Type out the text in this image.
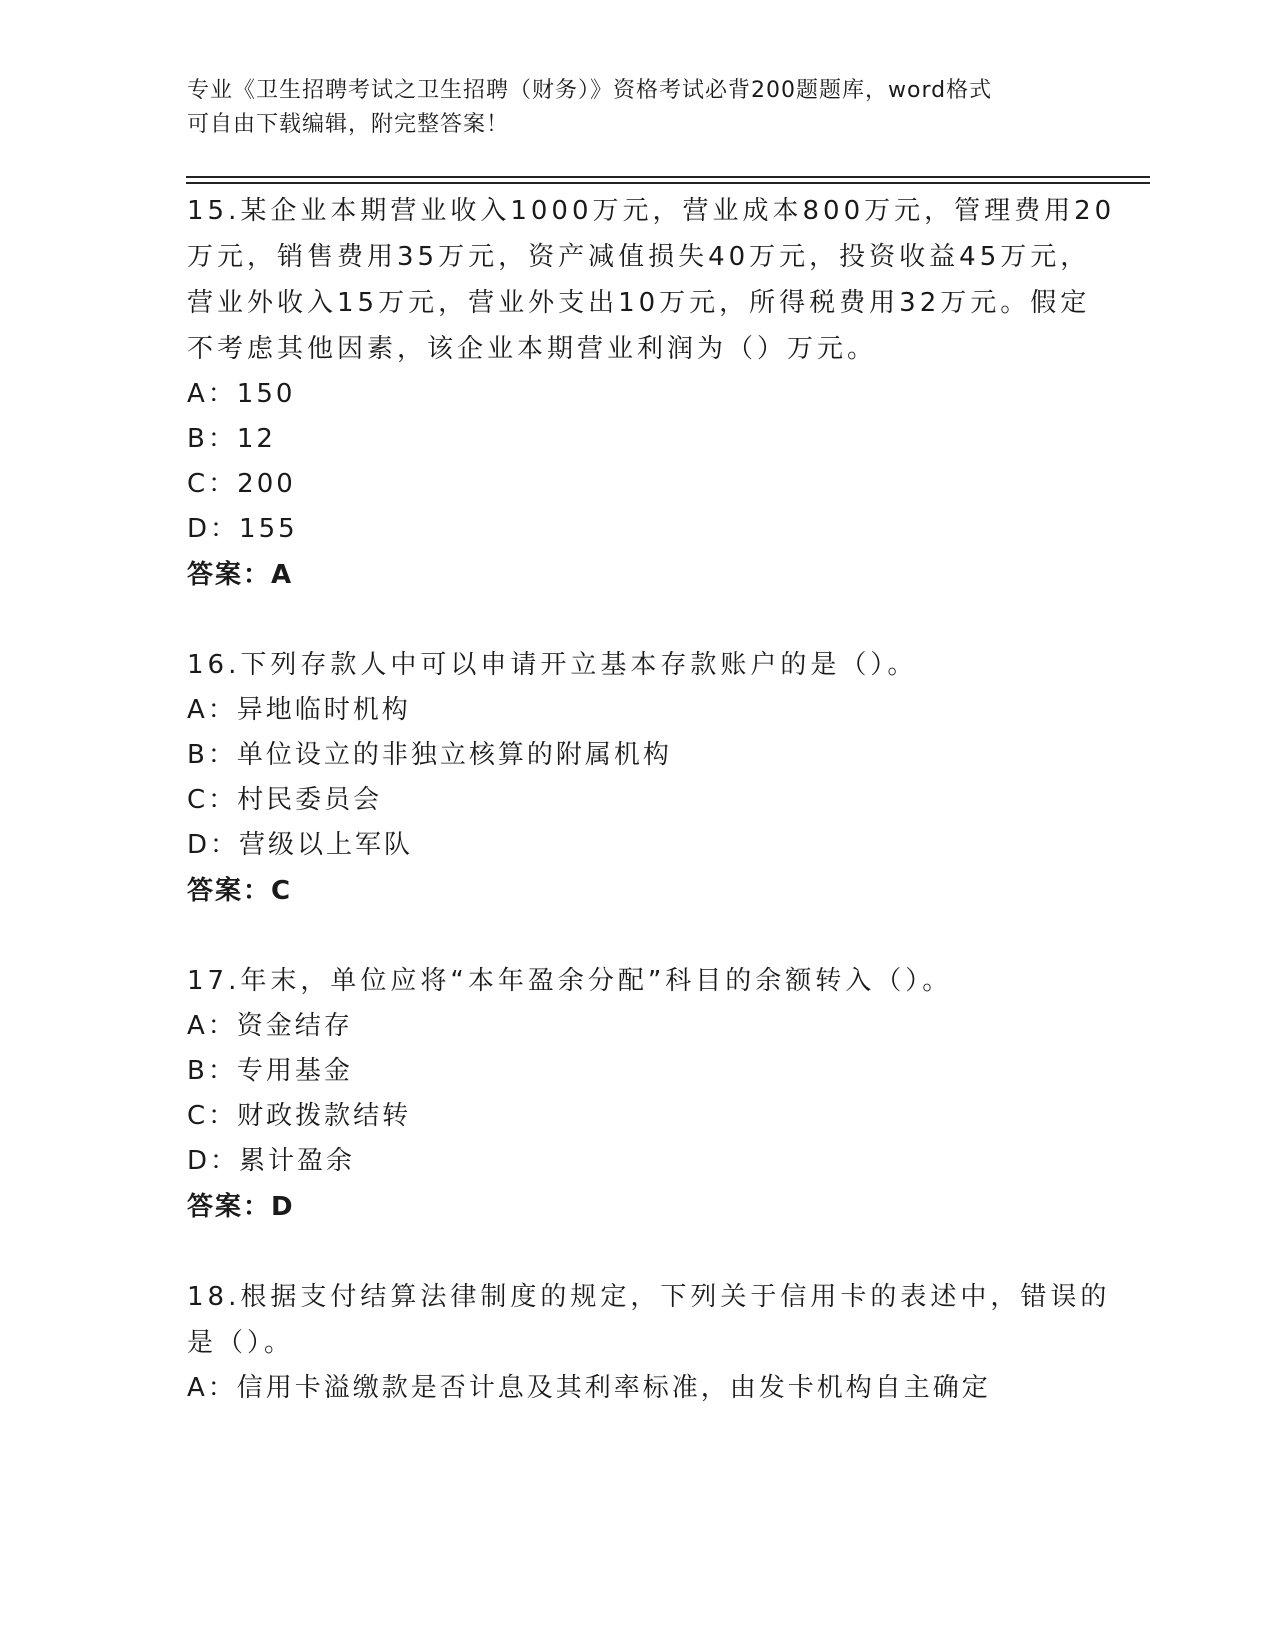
专业《卫生招聘考试之卫生招聘（财务）》资格考试必背200题题库，word格式
可自由下载编辑，附完整答案！
15.某企业本期营业收入1000万元，营业成本800万元，管理费用20
万元，销售费用35万元，资产减值损失40万元，投资收益45万元，
营业外收入15万元，营业外支出10万元，所得税费用32万元。假定
不考虑其他因素，该企业本期营业利润为（）万元。
A：150
B：12
C：200
D：155
答案：A
16.下列存款人中可以申请开立基本存款账户的是（）。
A：异地临时机构
B：单位设立的非独立核算的附属机构
C：村民委员会
D：营级以上军队
答案：C
17.年末，单位应将“本年盈余分配”科目的余额转入（）。
A：资金结存
B：专用基金
C：财政拨款结转
D：累计盈余
答案：D
18.根据支付结算法律制度的规定，下列关于信用卡的表述中，错误的
是（）。
A：信用卡溢缴款是否计息及其利率标准，由发卡机构自主确定
